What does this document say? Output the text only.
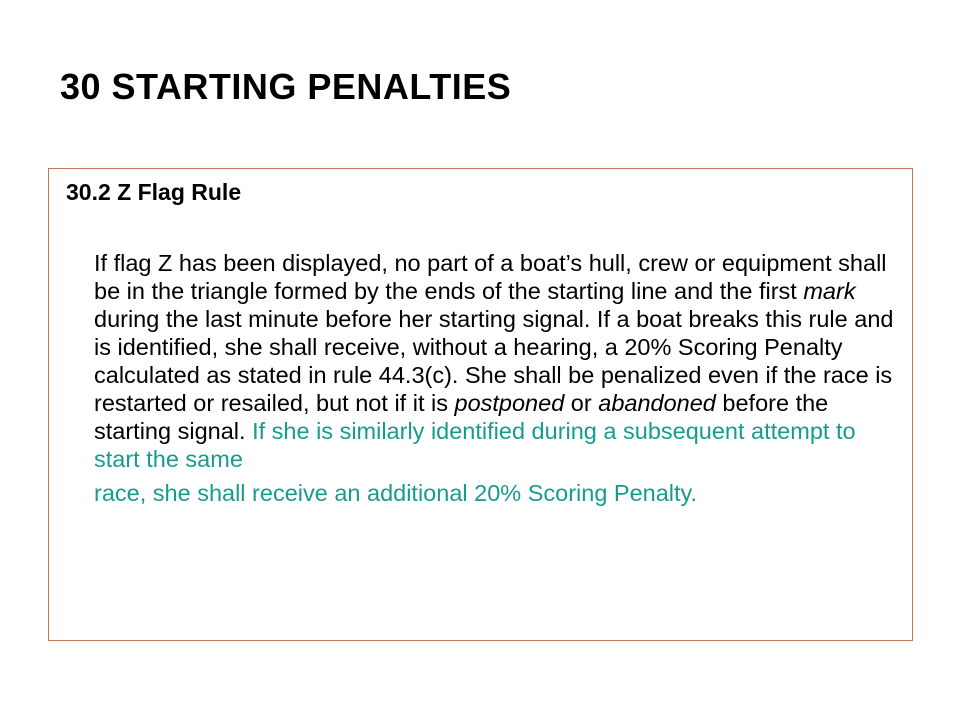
30 STARTING PENALTIES
30.2 Z Flag Rule

If flag Z has been displayed, no part of a boat’s hull, crew or equipment shall be in the triangle formed by the ends of the starting line and the first mark during the last minute before her starting signal. If a boat breaks this rule and is identified, she shall receive, without a hearing, a 20% Scoring Penalty calculated as stated in rule 44.3(c). She shall be penalized even if the race is restarted or resailed, but not if it is postponed or abandoned before the starting signal. If she is similarly identified during a subsequent attempt to start the same
race, she shall receive an additional 20% Scoring Penalty.
